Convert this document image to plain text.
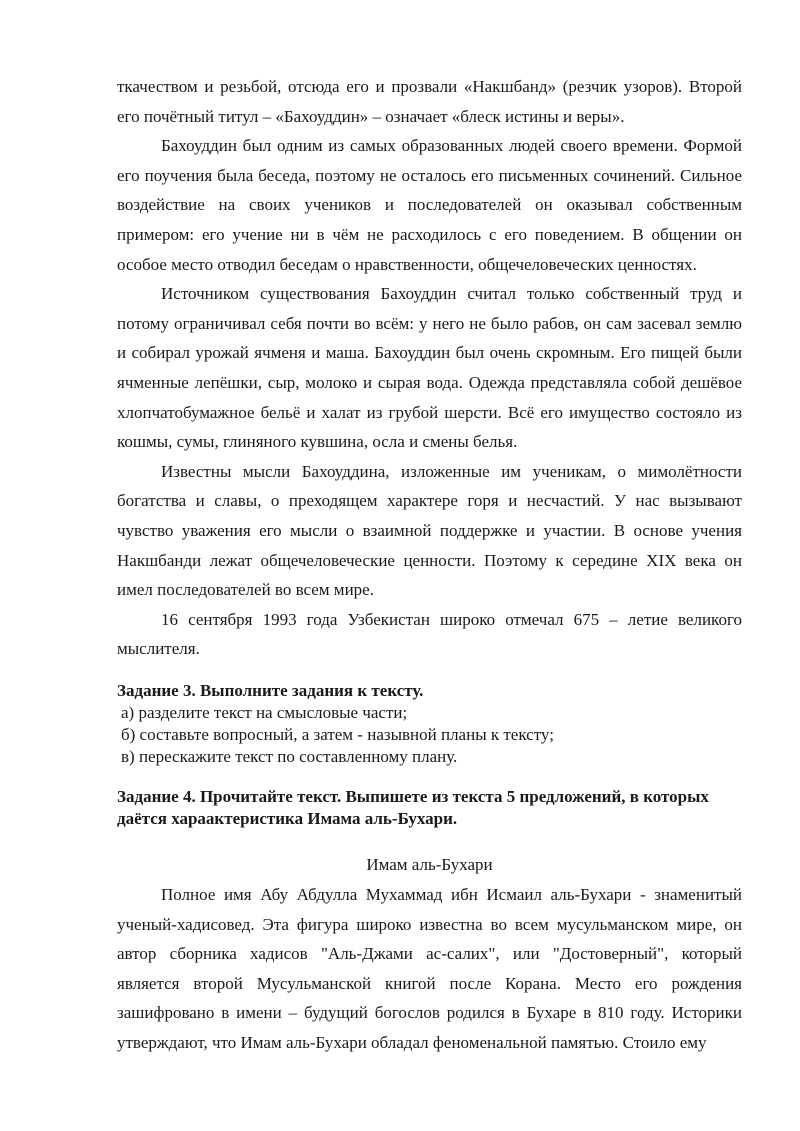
ткачеством и резьбой, отсюда его и прозвали «Накшбанд» (резчик узоров). Второй его почётный титул – «Бахоуддин» – означает «блеск истины и веры».

Бахоуддин был одним из самых образованных людей своего времени. Формой его поучения была беседа, поэтому не осталось его письменных сочинений. Сильное воздействие на своих учеников и последователей он оказывал собственным примером: его учение ни в чём не расходилось с его поведением. В общении он особое место отводил беседам о нравственности, общечеловеческих ценностях.

Источником существования Бахоуддин считал только собственный труд и потому ограничивал себя почти во всём: у него не было рабов, он сам засевал землю и собирал урожай ячменя и маша. Бахоуддин был очень скромным. Его пищей были ячменные лепёшки, сыр, молоко и сырая вода. Одежда представляла собой дешёвое хлопчатобумажное бельё и халат из грубой шерсти. Всё его имущество состояло из кошмы, сумы, глиняного кувшина, осла и смены белья.

Известны мысли Бахоуддина, изложенные им ученикам, о мимолётности богатства и славы, о преходящем характере горя и несчастий. У нас вызывают чувство уважения его мысли о взаимной поддержке и участии. В основе учения Накшбанди лежат общечеловеческие ценности. Поэтому к середине XIX века он имел последователей во всем мире.

16 сентября 1993 года Узбекистан широко отмечал 675 – летие великого мыслителя.

Задание 3. Выполните задания к тексту.

а) разделите текст на смысловые части;

б) составьте вопросный, а затем - назывной планы к тексту;

в) перескажите текст по составленному плану.

Задание 4. Прочитайте текст. Выпишете из текста 5 предложений, в которых даётся хараактеристика Имама аль-Бухари.

Имам аль-Бухари

Полное имя Абу Абдулла Мухаммад ибн Исмаил аль-Бухари - знаменитый ученый-хадисовед. Эта фигура широко известна во всем мусульманском мире, он автор сборника хадисов "Аль-Джами ас-салих", или "Достоверный", который является второй Мусульманской книгой после Корана. Место его рождения зашифровано в имени – будущий богослов родился в Бухаре в 810 году. Историки утверждают, что Имам аль-Бухари обладал феноменальной памятью. Стоило ему
